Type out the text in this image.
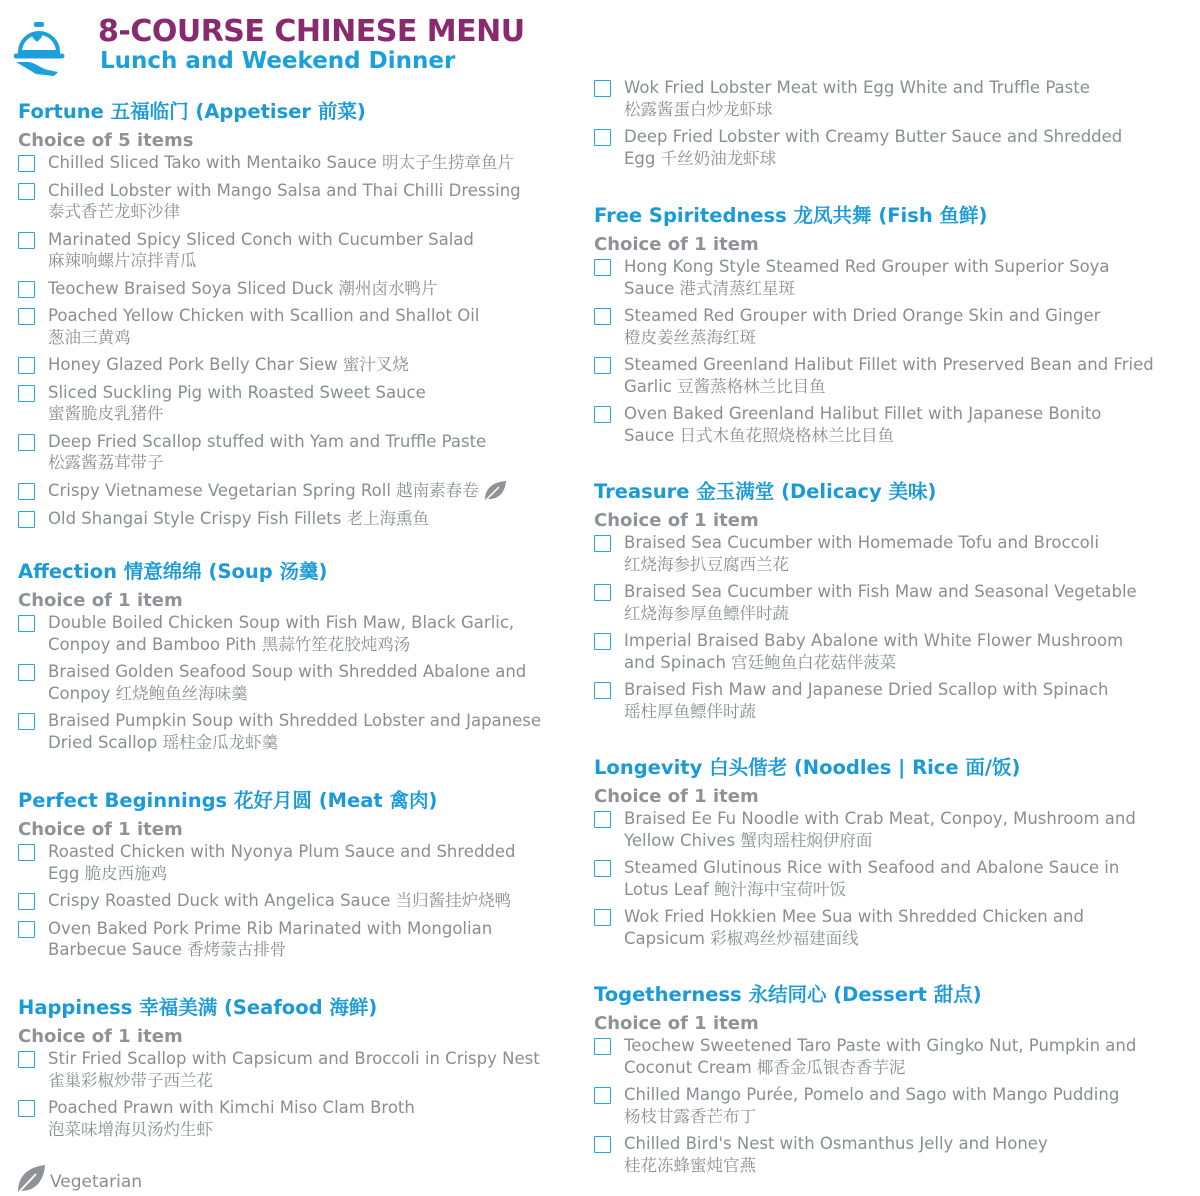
8-COURSE CHINESE MENU
Lunch and Weekend Dinner
Fortune 五福临门 (Appetiser 前菜)
Choice of 5 items
Chilled Sliced Tako with Mentaiko Sauce 明太子生捞章鱼片
Chilled Lobster with Mango Salsa and Thai Chilli Dressing
泰式香芒龙虾沙律
Marinated Spicy Sliced Conch with Cucumber Salad
麻辣响螺片凉拌青瓜
Teochew Braised Soya Sliced Duck 潮州卤水鸭片
Poached Yellow Chicken with Scallion and Shallot Oil
葱油三黄鸡
Honey Glazed Pork Belly Char Siew 蜜汁叉烧
Sliced Suckling Pig with Roasted Sweet Sauce
蜜酱脆皮乳猪件
Deep Fried Scallop stuffed with Yam and Truffle Paste
松露酱荔茸带子
Crispy Vietnamese Vegetarian Spring Roll 越南素春卷
Old Shangai Style Crispy Fish Fillets 老上海熏鱼
Affection 情意绵绵 (Soup 汤羹)
Choice of 1 item
Double Boiled Chicken Soup with Fish Maw, Black Garlic,
Conpoy and Bamboo Pith 黑蒜竹笙花胶炖鸡汤
Braised Golden Seafood Soup with Shredded Abalone and
Conpoy 红烧鲍鱼丝海味羹
Braised Pumpkin Soup with Shredded Lobster and Japanese
Dried Scallop 瑶柱金瓜龙虾羹
Perfect Beginnings 花好月圆 (Meat 禽肉)
Choice of 1 item
Roasted Chicken with Nyonya Plum Sauce and Shredded
Egg 脆皮西施鸡
Crispy Roasted Duck with Angelica Sauce 当归酱挂炉烧鸭
Oven Baked Pork Prime Rib Marinated with Mongolian
Barbecue Sauce 香烤蒙古排骨
Happiness 幸福美满 (Seafood 海鲜)
Choice of 1 item
Stir Fried Scallop with Capsicum and Broccoli in Crispy Nest
雀巢彩椒炒带子西兰花
Poached Prawn with Kimchi Miso Clam Broth
泡菜味增海贝汤灼生虾
Wok Fried Lobster Meat with Egg White and Truffle Paste
松露酱蛋白炒龙虾球
Deep Fried Lobster with Creamy Butter Sauce and Shredded
Egg 千丝奶油龙虾球
Free Spiritedness 龙凤共舞 (Fish 鱼鲜)
Choice of 1 item
Hong Kong Style Steamed Red Grouper with Superior Soya
Sauce 港式清蒸红星斑
Steamed Red Grouper with Dried Orange Skin and Ginger
橙皮姜丝蒸海红斑
Steamed Greenland Halibut Fillet with Preserved Bean and Fried
Garlic 豆酱蒸格林兰比目鱼
Oven Baked Greenland Halibut Fillet with Japanese Bonito
Sauce 日式木鱼花照烧格林兰比目鱼
Treasure 金玉满堂 (Delicacy 美味)
Choice of 1 item
Braised Sea Cucumber with Homemade Tofu and Broccoli
红烧海参扒豆腐西兰花
Braised Sea Cucumber with Fish Maw and Seasonal Vegetable
红烧海参厚鱼鳔伴时蔬
Imperial Braised Baby Abalone with White Flower Mushroom
and Spinach 宫廷鲍鱼白花菇伴菠菜
Braised Fish Maw and Japanese Dried Scallop with Spinach
瑶柱厚鱼鳔伴时蔬
Longevity 白头偕老 (Noodles | Rice 面/饭)
Choice of 1 item
Braised Ee Fu Noodle with Crab Meat, Conpoy, Mushroom and
Yellow Chives 蟹肉瑶柱焖伊府面
Steamed Glutinous Rice with Seafood and Abalone Sauce in
Lotus Leaf 鲍汁海中宝荷叶饭
Wok Fried Hokkien Mee Sua with Shredded Chicken and
Capsicum 彩椒鸡丝炒福建面线
Togetherness 永结同心 (Dessert 甜点)
Choice of 1 item
Teochew Sweetened Taro Paste with Gingko Nut, Pumpkin and
Coconut Cream 椰香金瓜银杏香芋泥
Chilled Mango Purée, Pomelo and Sago with Mango Pudding
杨枝甘露香芒布丁
Chilled Bird's Nest with Osmanthus Jelly and Honey
桂花冻蜂蜜炖官燕
Vegetarian
